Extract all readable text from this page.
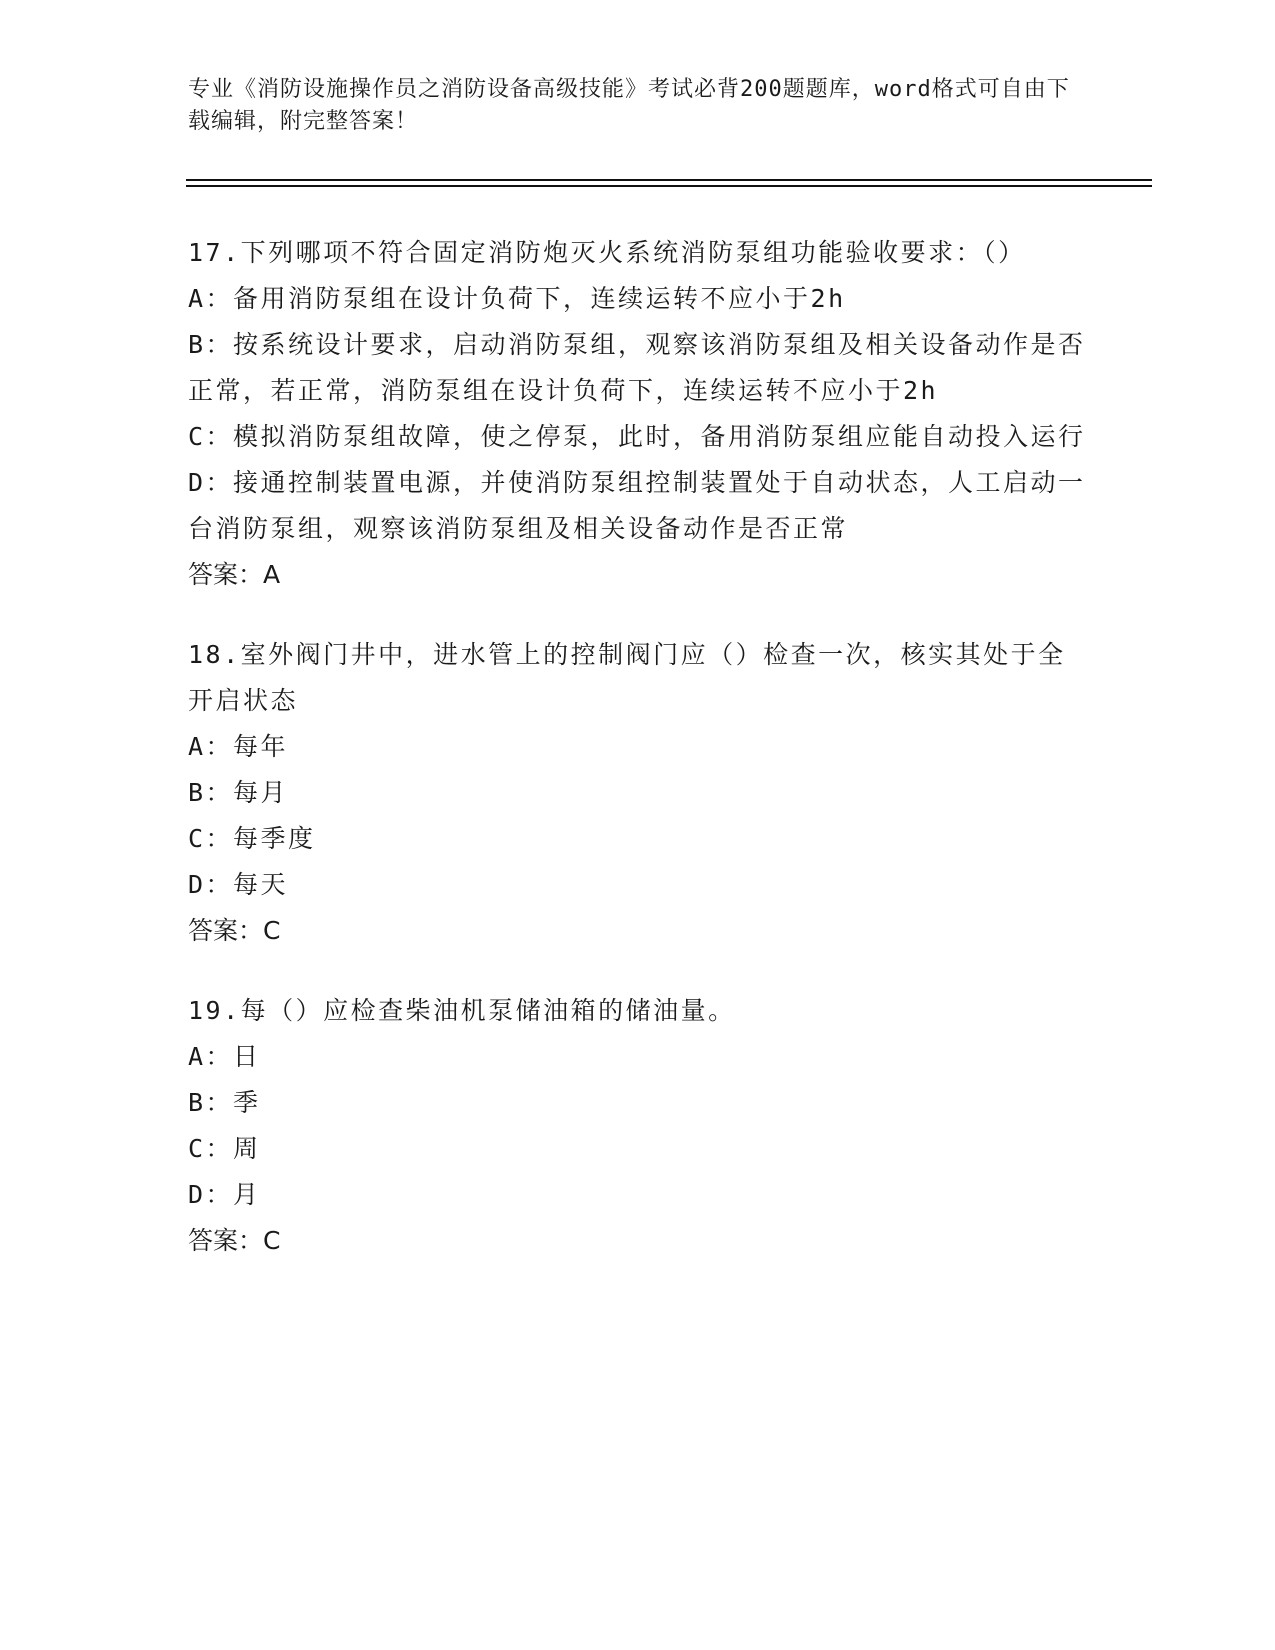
专业《消防设施操作员之消防设备高级技能》考试必背200题题库，word格式可自由下载编辑，附完整答案！
17.下列哪项不符合固定消防炮灭火系统消防泵组功能验收要求：（）
A：备用消防泵组在设计负荷下，连续运转不应小于2h
B：按系统设计要求，启动消防泵组，观察该消防泵组及相关设备动作是否正常，若正常，消防泵组在设计负荷下，连续运转不应小于2h
C：模拟消防泵组故障，使之停泵，此时，备用消防泵组应能自动投入运行
D：接通控制装置电源，并使消防泵组控制装置处于自动状态，人工启动一台消防泵组，观察该消防泵组及相关设备动作是否正常
答案：A
18.室外阀门井中，进水管上的控制阀门应（）检查一次，核实其处于全开启状态
A：每年
B：每月
C：每季度
D：每天
答案：C
19.每（）应检查柴油机泵储油箱的储油量。
A：日
B：季
C：周
D：月
答案：C
